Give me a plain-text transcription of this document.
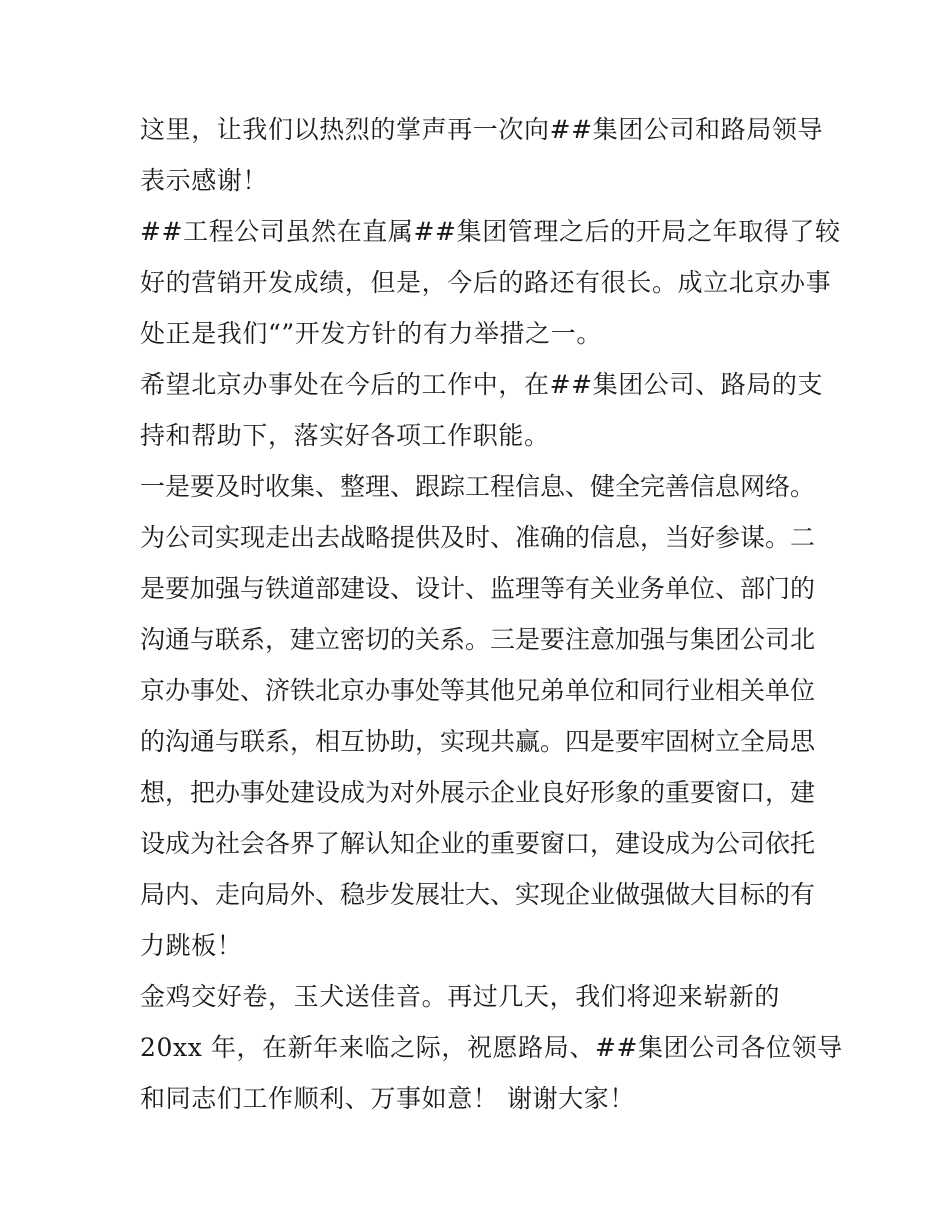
这里，让我们以热烈的掌声再一次向##集团公司和路局领导
表示感谢！
##工程公司虽然在直属##集团管理之后的开局之年取得了较
好的营销开发成绩，但是，今后的路还有很长。成立北京办事
处正是我们“”开发方针的有力举措之一。
希望北京办事处在今后的工作中，在##集团公司、路局的支
持和帮助下，落实好各项工作职能。
一是要及时收集、整理、跟踪工程信息、健全完善信息网络。
为公司实现走出去战略提供及时、准确的信息，当好参谋。二
是要加强与铁道部建设、设计、监理等有关业务单位、部门的
沟通与联系，建立密切的关系。三是要注意加强与集团公司北
京办事处、济铁北京办事处等其他兄弟单位和同行业相关单位
的沟通与联系，相互协助，实现共赢。四是要牢固树立全局思
想，把办事处建设成为对外展示企业良好形象的重要窗口，建
设成为社会各界了解认知企业的重要窗口，建设成为公司依托
局内、走向局外、稳步发展壮大、实现企业做强做大目标的有
力跳板！
金鸡交好卷，玉犬送佳音。再过几天，我们将迎来崭新的
20xx 年，在新年来临之际，祝愿路局、##集团公司各位领导
和同志们工作顺利、万事如意！ 谢谢大家！
